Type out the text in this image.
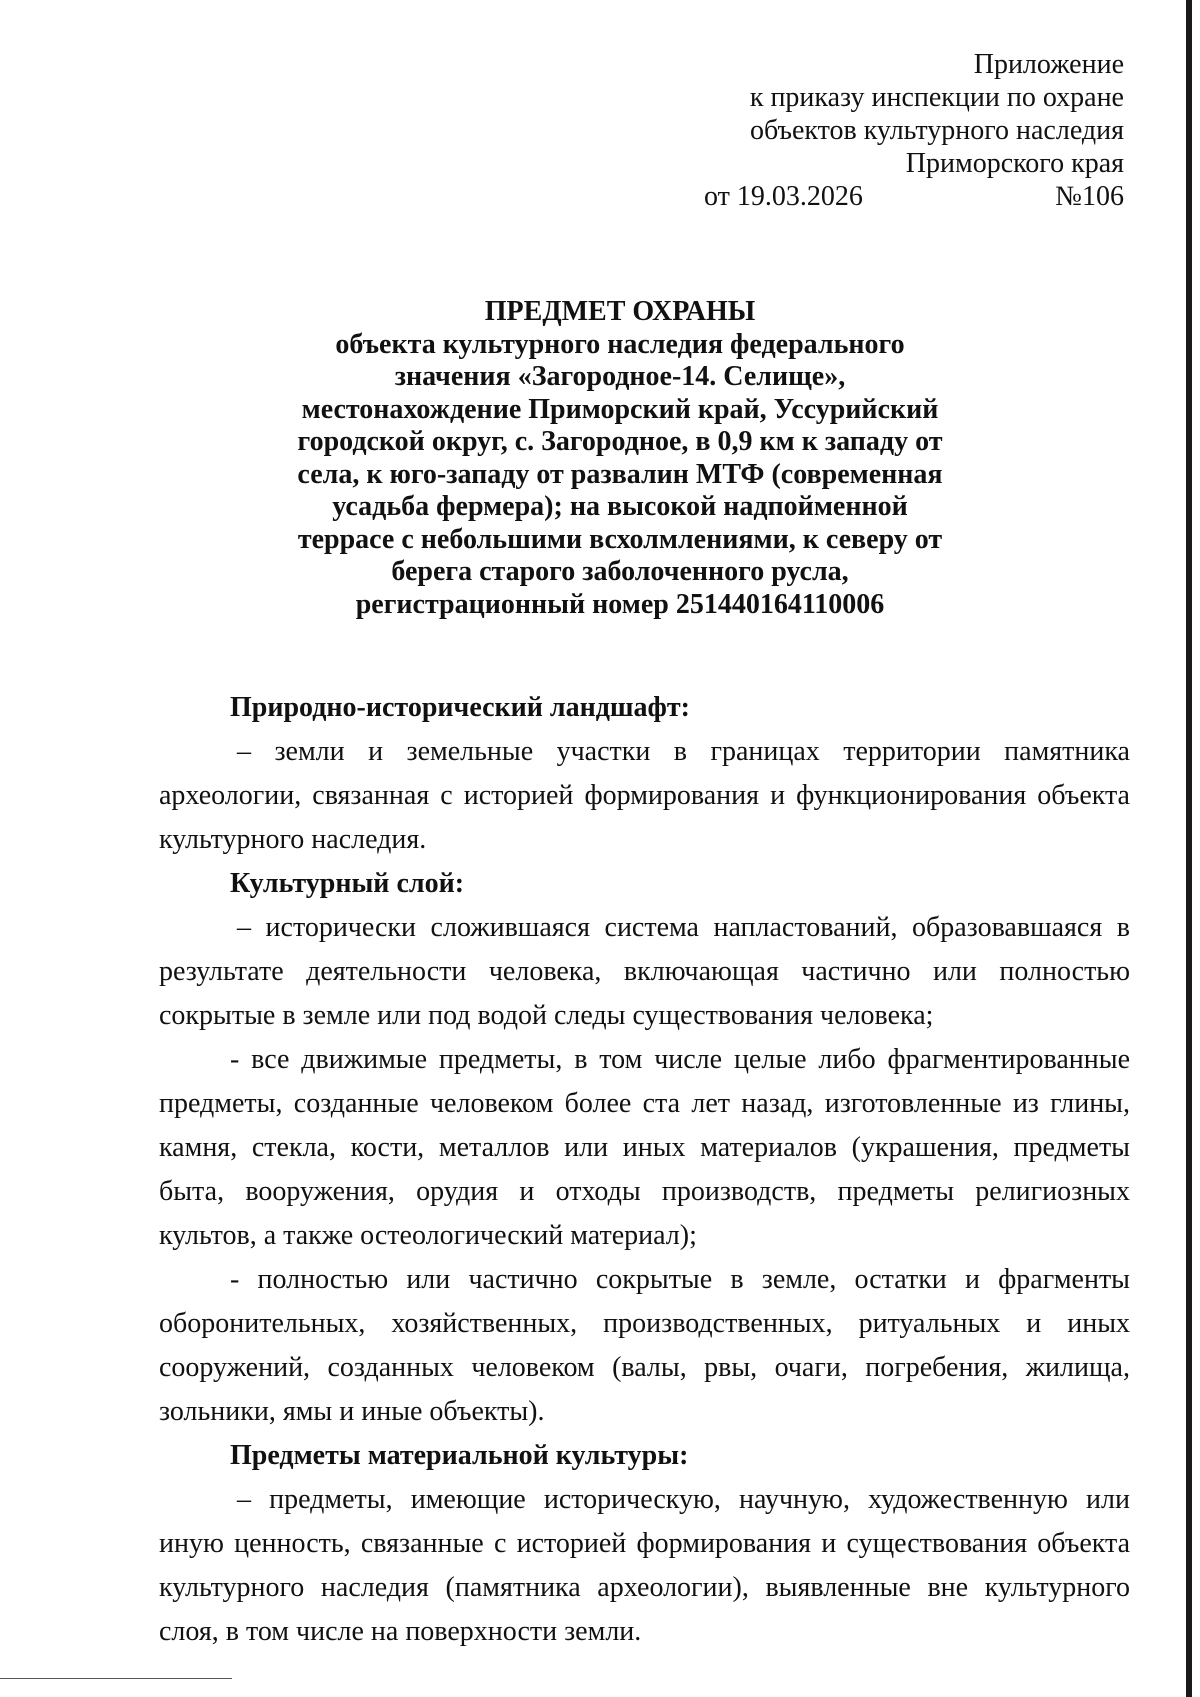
Приложение
к приказу инспекции по охране
объектов культурного наследия
Приморского края
от 19.03.2026	№106
ПРЕДМЕТ ОХРАНЫ
объекта культурного наследия федерального
значения «Загородное-14. Селище»,
местонахождение Приморский край, Уссурийский
городской округ, с. Загородное, в 0,9 км к западу от
села, к юго-западу от развалин МТФ (современная
усадьба фермера); на высокой надпойменной
террасе с небольшими всхолмлениями, к северу от
берега старого заболоченного русла,
регистрационный номер 251440164110006

Природно-исторический ландшафт:

– земли и земельные участки в границах территории памятника археологии, связанная с историей формирования и функционирования объекта культурного наследия.

Культурный слой:

– исторически сложившаяся система напластований, образовавшаяся в результате деятельности человека, включающая частично или полностью сокрытые в земле или под водой следы существования человека;

- все движимые предметы, в том числе целые либо фрагментированные предметы, созданные человеком более ста лет назад, изготовленные из глины, камня, стекла, кости, металлов или иных материалов (украшения, предметы быта, вооружения, орудия и отходы производств, предметы религиозных культов, а также остеологический материал);

- полностью или частично сокрытые в земле, остатки и фрагменты оборонительных, хозяйственных, производственных, ритуальных и иных сооружений, созданных человеком (валы, рвы, очаги, погребения, жилища, зольники, ямы и иные объекты).

Предметы материальной культуры:

– предметы, имеющие историческую, научную, художественную или иную ценность, связанные с историей формирования и существования объекта культурного наследия (памятника археологии), выявленные вне культурного слоя, в том числе на поверхности земли.
